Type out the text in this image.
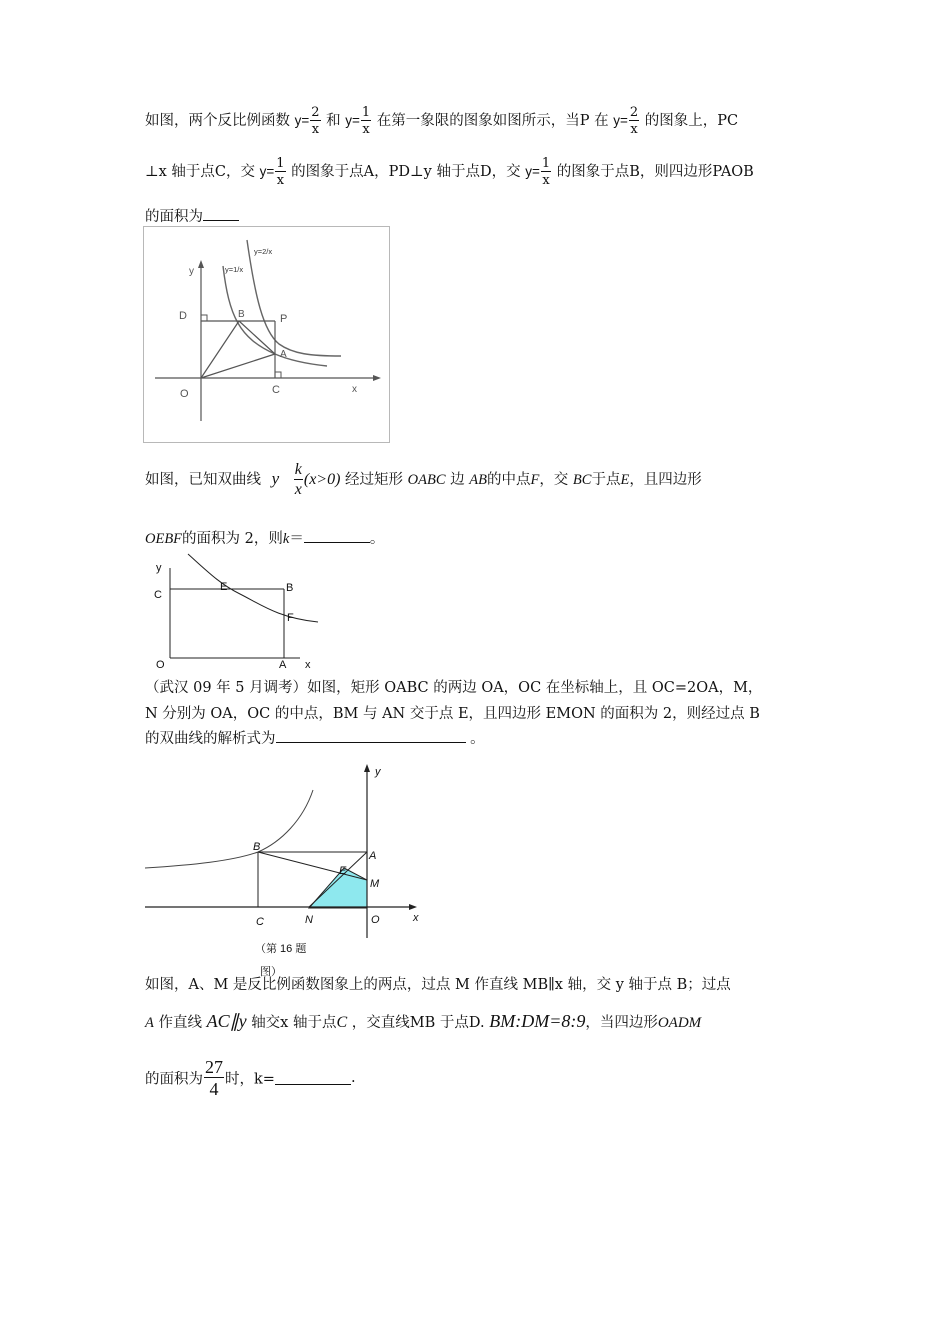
如图，两个反比例函数 $y= \frac{2}{x}$ 和 $y= \frac{1}{x}$ 在第一象限的图象如图所示，当P 在 $y= \frac{2}{x}$ 的图象上，PC
⊥x 轴于点C，交 $y= \frac{1}{x}$ 的图象于点A，PD⊥y 轴于点D，交 $y= \frac{1}{x}$ 的图象于点B，则四边形PAOB
的面积为
y=2/x
y=1/x
y
D	B	P
A
O	C	x
如图，已知双曲线 y $\frac{k}{x} (x>0)$ 经过矩形 OABC 边 AB的中点F，交 BC于点E，且四边形
OEBF的面积为 2，则k＝	。
y
C
E	B
F
O	A x
（武汉 09 年 5 月调考）如图，矩形 OABC 的两边 OA，OC 在坐标轴上，且 OC=2OA，M，
N 分别为 OA，OC 的中点，BM 与 AN 交于点 E，且四边形 EMON 的面积为 2，则经过点 B
的双曲线的解析式为	。
y
B
A
E
M
C	N	O	x
（第 16 题
图）
如图，A、M 是反比例函数图象上的两点，过点 M 作直线 MB∥x 轴，交 y 轴于点 B；过点
A 作直线 AC∥y 轴交x 轴于点C ，交直线MB 于点D. BM:DM=8:9，当四边形OADM
的面积为 $\frac{27}{4}$ 时，k=	.
